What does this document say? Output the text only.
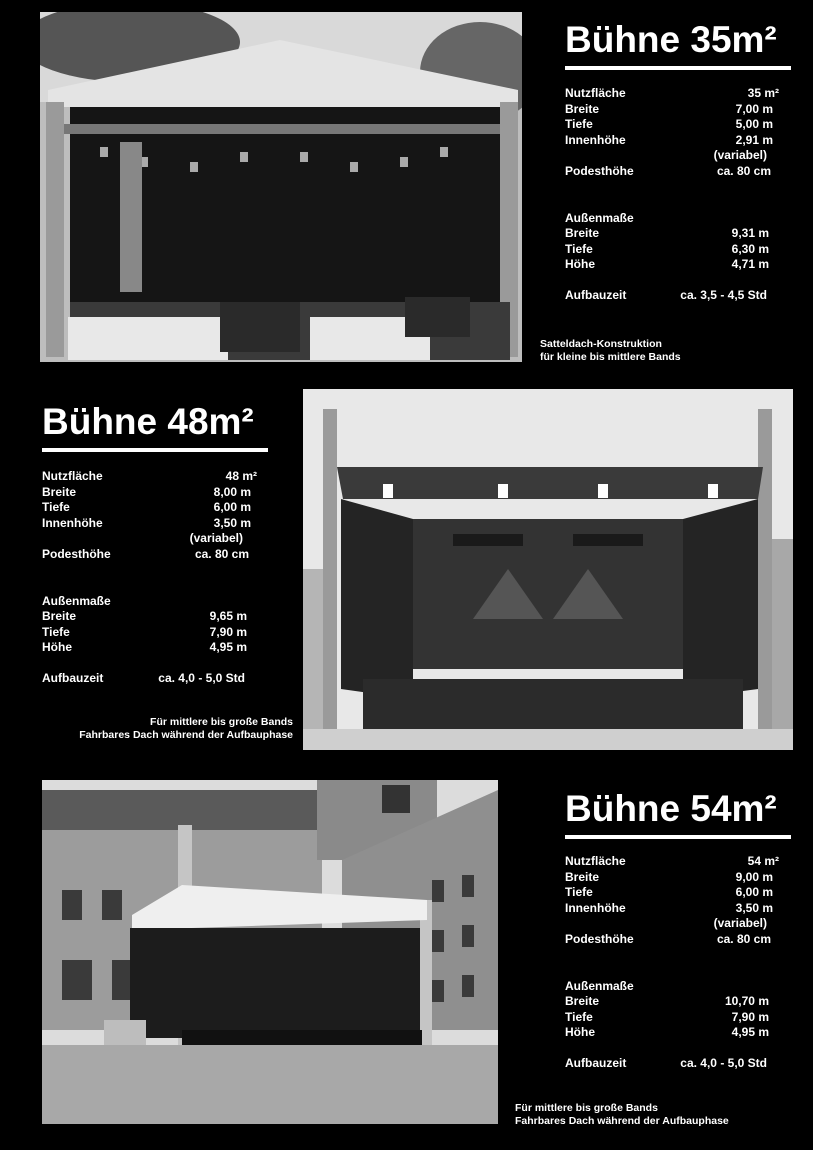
Bühne 35m²
Nutzfläche	35 m²
Breite	7,00 m
Tiefe	5,00 m
Innenhöhe	2,91 m
(variabel)
Podesthöhe	ca. 80 cm
Außenmaße
Breite	9,31 m
Tiefe	6,30 m
Höhe	4,71 m
Aufbauzeit	ca. 3,5 - 4,5 Std
Satteldach-Konstruktion
für kleine bis mittlere Bands
Bühne 48m²
Nutzfläche	48 m²
Breite	8,00 m
Tiefe	6,00 m
Innenhöhe	3,50 m
(variabel)
Podesthöhe	ca. 80 cm
Außenmaße
Breite	9,65 m
Tiefe	7,90 m
Höhe	4,95 m
Aufbauzeit	ca. 4,0 - 5,0 Std
Für mittlere bis große Bands
Fahrbares Dach während der Aufbauphase
Bühne 54m²
Nutzfläche	54 m²
Breite	9,00 m
Tiefe	6,00 m
Innenhöhe	3,50 m
(variabel)
Podesthöhe	ca. 80 cm
Außenmaße
Breite	10,70 m
Tiefe	7,90 m
Höhe	4,95 m
Aufbauzeit	ca. 4,0 - 5,0 Std
Für mittlere bis große Bands
Fahrbares Dach während der Aufbauphase
